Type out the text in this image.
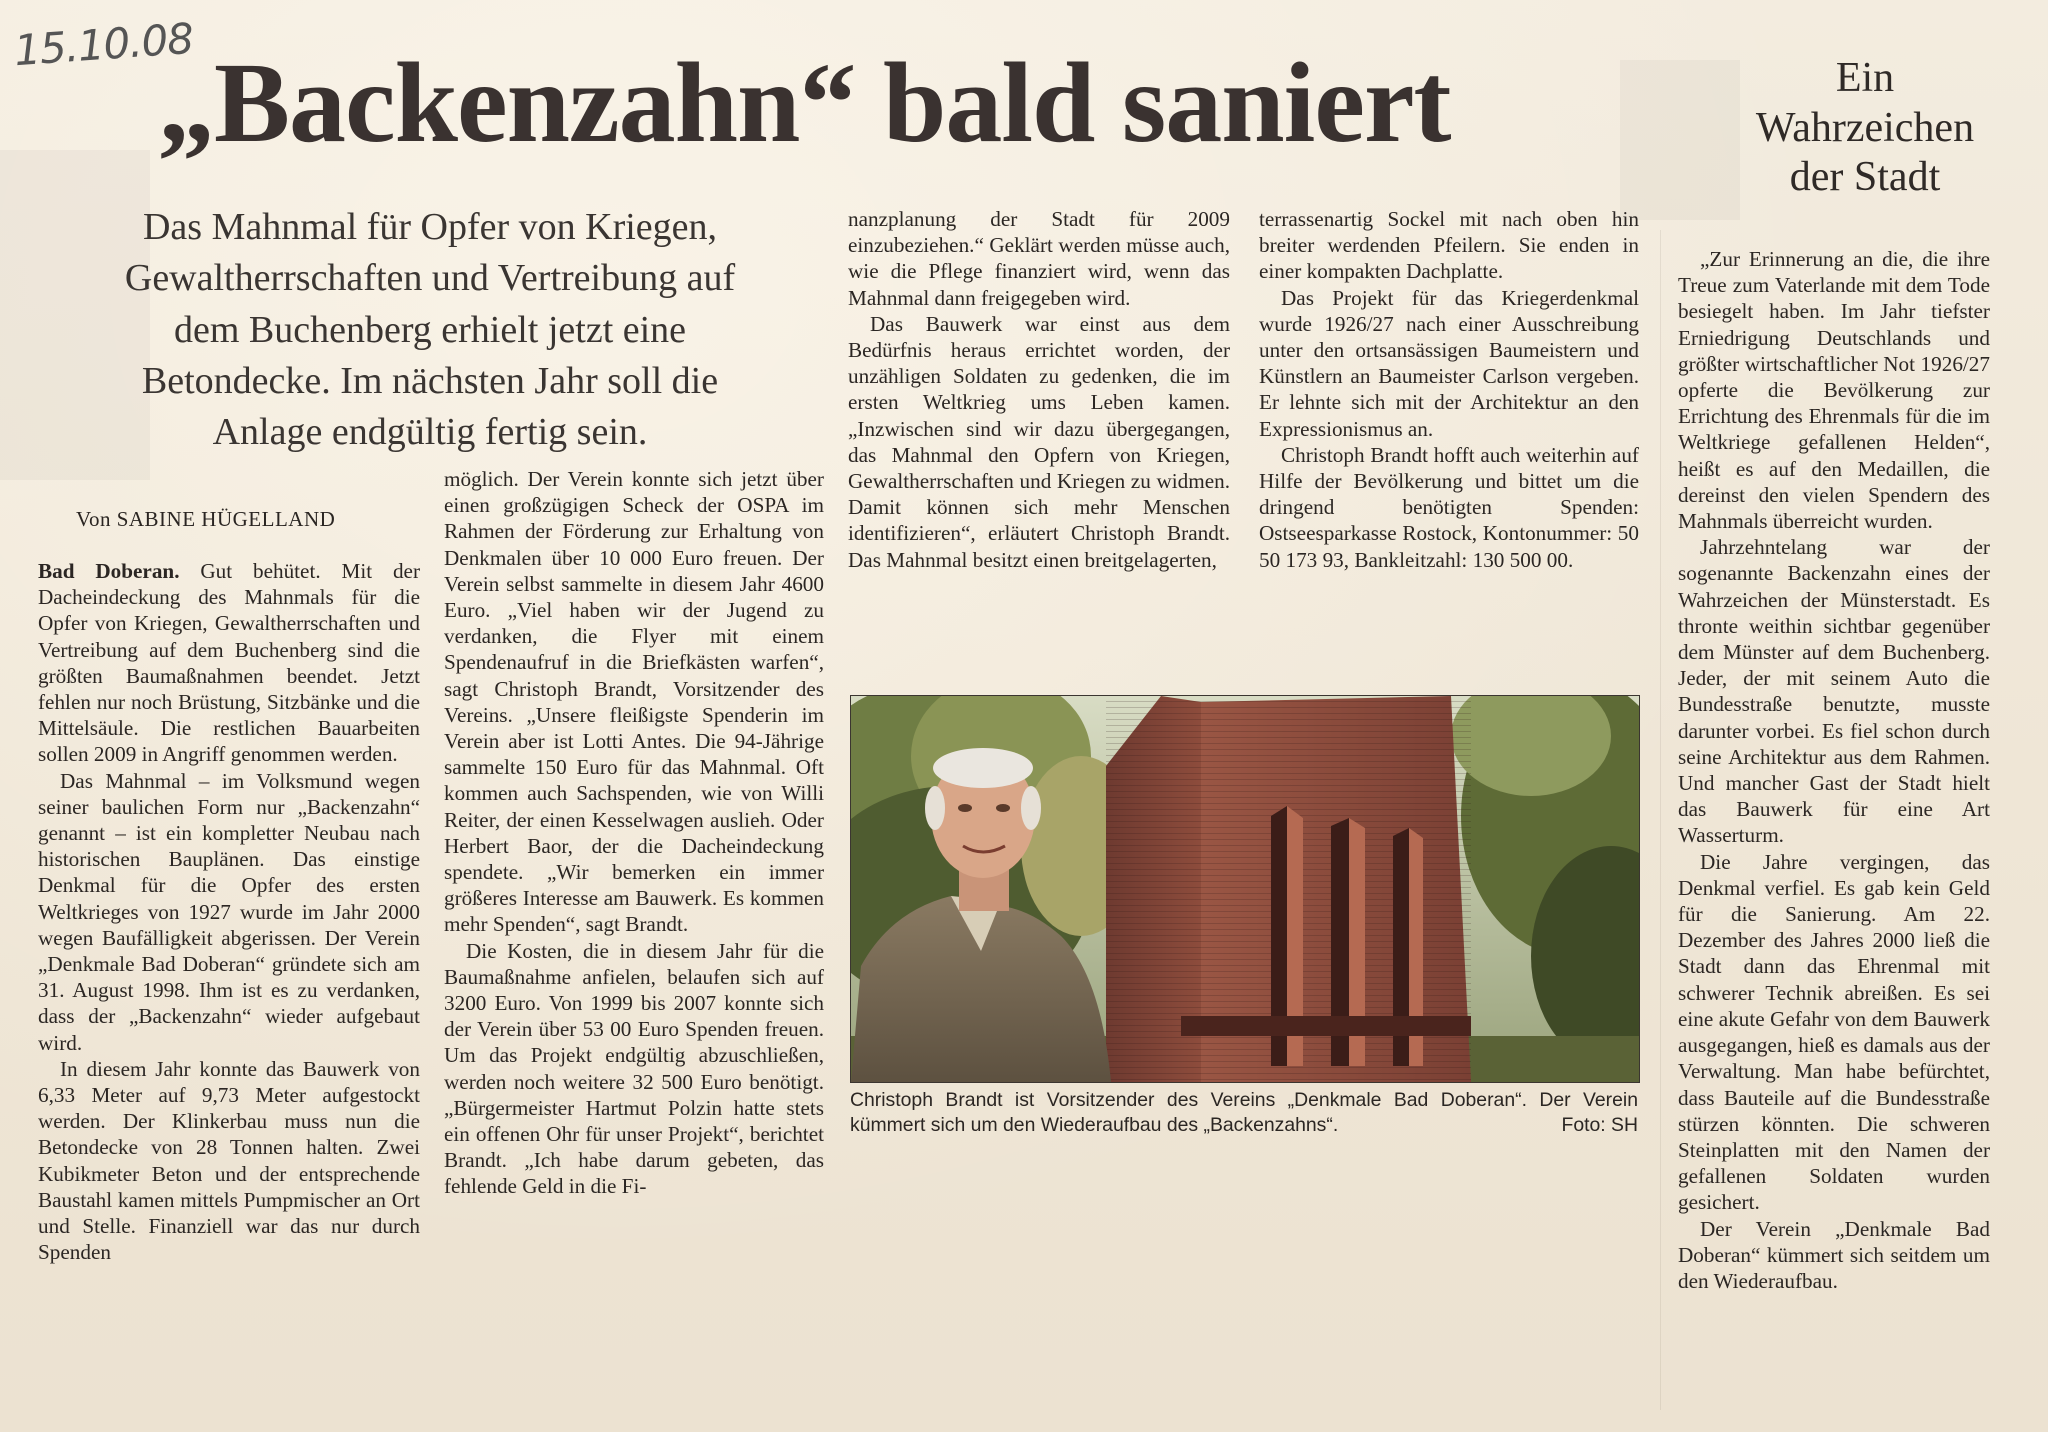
15.10.08
„Backenzahn“ bald saniert	Ein
Wahrzeichen
der Stadt
Das Mahnmal für Opfer von Kriegen,
Gewaltherrschaften und Vertreibung auf
dem Buchenberg erhielt jetzt eine
Betondecke. Im nächsten Jahr soll die
Anlage endgültig fertig sein.
Von SABINE HÜGELLAND

Bad Doberan. Gut behütet. Mit der Dacheindeckung des Mahnmals für die Opfer von Kriegen, Gewaltherrschaften und Vertreibung auf dem Buchenberg sind die größten Baumaßnahmen beendet. Jetzt fehlen nur noch Brüstung, Sitzbänke und die Mittelsäule. Die restlichen Bauarbeiten sollen 2009 in Angriff genommen werden.

Das Mahnmal – im Volksmund wegen seiner baulichen Form nur „Backenzahn“ genannt – ist ein kompletter Neubau nach historischen Bauplänen. Das einstige Denkmal für die Opfer des ersten Weltkrieges von 1927 wurde im Jahr 2000 wegen Baufälligkeit abgerissen. Der Verein „Denkmale Bad Doberan“ gründete sich am 31. August 1998. Ihm ist es zu verdanken, dass der „Backenzahn“ wieder aufgebaut wird.

In diesem Jahr konnte das Bauwerk von 6,33 Meter auf 9,73 Meter aufgestockt werden. Der Klinkerbau muss nun die Betondecke von 28 Tonnen halten. Zwei Kubikmeter Beton und der entsprechende Baustahl kamen mittels Pumpmischer an Ort und Stelle. Finanziell war das nur durch Spenden

möglich. Der Verein konnte sich jetzt über einen großzügigen Scheck der OSPA im Rahmen der Förderung zur Erhaltung von Denkmalen über 10 000 Euro freuen. Der Verein selbst sammelte in diesem Jahr 4600 Euro. „Viel haben wir der Jugend zu verdanken, die Flyer mit einem Spendenaufruf in die Briefkästen warfen“, sagt Christoph Brandt, Vorsitzender des Vereins. „Unsere fleißigste Spenderin im Verein aber ist Lotti Antes. Die 94-Jährige sammelte 150 Euro für das Mahnmal. Oft kommen auch Sachspenden, wie von Willi Reiter, der einen Kesselwagen auslieh. Oder Herbert Baor, der die Dacheindeckung spendete. „Wir bemerken ein immer größeres Interesse am Bauwerk. Es kommen mehr Spenden“, sagt Brandt.

Die Kosten, die in diesem Jahr für die Baumaßnahme anfielen, belaufen sich auf 3200 Euro. Von 1999 bis 2007 konnte sich der Verein über 53 00 Euro Spenden freuen. Um das Projekt endgültig abzuschließen, werden noch weitere 32 500 Euro benötigt. „Bürgermeister Hartmut Polzin hatte stets ein offenen Ohr für unser Projekt“, berichtet Brandt. „Ich habe darum gebeten, das fehlende Geld in die Fi-

nanzplanung der Stadt für 2009 einzubeziehen.“ Geklärt werden müsse auch, wie die Pflege finanziert wird, wenn das Mahnmal dann freigegeben wird.

Das Bauwerk war einst aus dem Bedürfnis heraus errichtet worden, der unzähligen Soldaten zu gedenken, die im ersten Weltkrieg ums Leben kamen. „Inzwischen sind wir dazu übergegangen, das Mahnmal den Opfern von Kriegen, Gewaltherrschaften und Kriegen zu widmen. Damit können sich mehr Menschen identifizieren“, erläutert Christoph Brandt. Das Mahnmal besitzt einen breitgelagerten,

terrassenartig Sockel mit nach oben hin breiter werdenden Pfeilern. Sie enden in einer kompakten Dachplatte.

Das Projekt für das Kriegerdenkmal wurde 1926/27 nach einer Ausschreibung unter den ortsansässigen Baumeistern und Künstlern an Baumeister Carlson vergeben. Er lehnte sich mit der Architektur an den Expressionismus an.

Christoph Brandt hofft auch weiterhin auf Hilfe der Bevölkerung und bittet um die dringend benötigten Spenden: Ostseesparkasse Rostock, Kontonummer: 50 50 173 93, Bankleitzahl: 130 500 00.

„Zur Erinnerung an die, die ihre Treue zum Vaterlande mit dem Tode besiegelt haben. Im Jahr tiefster Erniedrigung Deutschlands und größter wirtschaftlicher Not 1926/27 opferte die Bevölkerung zur Errichtung des Ehrenmals für die im Weltkriege gefallenen Helden“, heißt es auf den Medaillen, die dereinst den vielen Spendern des Mahnmals überreicht wurden.

Jahrzehntelang war der sogenannte Backenzahn eines der Wahrzeichen der Münsterstadt. Es thronte weithin sichtbar gegenüber dem Münster auf dem Buchenberg. Jeder, der mit seinem Auto die Bundesstraße benutzte, musste darunter vorbei. Es fiel schon durch seine Architektur aus dem Rahmen. Und mancher Gast der Stadt hielt das Bauwerk für eine Art Wasserturm.

Die Jahre vergingen, das Denkmal verfiel. Es gab kein Geld für die Sanierung. Am 22. Dezember des Jahres 2000 ließ die Stadt dann das Ehrenmal mit schwerer Technik abreißen. Es sei eine akute Gefahr von dem Bauwerk ausgegangen, hieß es damals aus der Verwaltung. Man habe befürchtet, dass Bauteile auf die Bundesstraße stürzen könnten. Die schweren Steinplatten mit den Namen der gefallenen Soldaten wurden gesichert.

Der Verein „Denkmale Bad Doberan“ kümmert sich seitdem um den Wiederaufbau.

Christoph Brandt ist Vorsitzender des Vereins „Denkmale Bad Doberan“. Der Verein kümmert sich um den Wiederaufbau des „Backenzahns“.	Foto: SH
